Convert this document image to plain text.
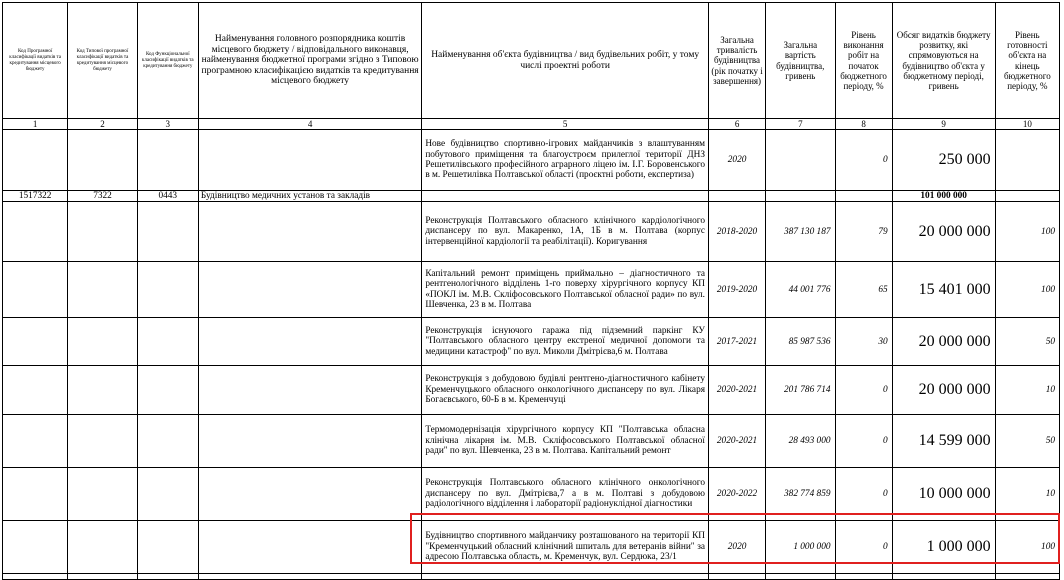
Код Програмної класифікації видатків та кредитування місцевого бюджету	Код Типової програмної класифікації видатків та кредитування місцевого бюджету	Код Функціональної класифікації видатків та кредитування бюджету	Найменування головного розпорядника коштів місцевого бюджету / відповідального виконавця, найменування бюджетної програми згідно з Типовою програмною класифікацією видатків та кредитування місцевого бюджету	Найменування об'єкта будівництва / вид будівельних робіт, у тому числі проектні роботи	Загальна тривалість будівництва (рік початку і завершення)	Загальна вартість будівництва, гривень	Рівень виконання робіт на початок бюджетного періоду, %	Обсяг видатків бюджету розвитку, які спрямовуються на будівництво об'єкта у бюджетному періоді, гривень	Рівень готовності об'єкта на кінець бюджетного періоду, %
1	2	3	4	5	6	7	8	9	10
				Нове будівництво спортивно-ігрових майданчиків з влаштуванням побутового приміщення та благоустроєм прилеглої території ДНЗ Решетилівського професійного аграрного ліцею ім. І.Г. Боровенського в м. Решетилівка Полтавської області (проєктні роботи, експертиза)	2020		0	250 000	
1517322	7322	0443	Будівництво медичних установ та закладів					101 000 000	
				Реконструкція Полтавського обласного клінічного кардіологічного диспансеру по вул. Макаренко, 1А, 1Б в м. Полтава (корпус інтервенційної кардіології та реабілітації). Коригування	2018-2020	387 130 187	79	20 000 000	100
				Капітальний ремонт приміщень приймально – діагностичного та рентгенологічного відділень 1-го поверху хірургічного корпусу КП «ПОКЛ ім. М.В. Скліфосовського Полтавської обласної ради» по вул. Шевченка, 23 в м. Полтава	2019-2020	44 001 776	65	15 401 000	100
				Реконструкція існуючого гаража під підземний паркінг КУ "Полтавського обласного центру екстреної медичної допомоги та медицини катастроф" по вул. Миколи Дмітрієва,6 м. Полтава	2017-2021	85 987 536	30	20 000 000	50
				Реконструкція з добудовою будівлі рентгено-діагностичного кабінету Кременчуцького обласного онкологічного диспансеру по вул. Лікаря Богаєвського, 60-Б в м. Кременчуці	2020-2021	201 786 714	0	20 000 000	10
				Термомодернізація хірургічного корпусу КП "Полтавська обласна клінічна лікарня ім. М.В. Скліфосовського Полтавської обласної ради" по вул. Шевченка, 23 в м. Полтава. Капітальний ремонт	2020-2021	28 493 000	0	14 599 000	50
				Реконструкція Полтавського обласного клінічного онкологічного диспансеру по вул. Дмітрієва,7 а в м. Полтаві з добудовою радіологічного відділення і лабораторії радіонуклідної діагностики	2020-2022	382 774 859	0	10 000 000	10
				Будівництво спортивного майданчику розташованого на території КП "Кременчуцький обласний клінічний шпиталь для ветеранів війни" за адресою Полтавська область, м. Кременчук, вул. Сердюка, 23/1	2020	1 000 000	0	1 000 000	100
